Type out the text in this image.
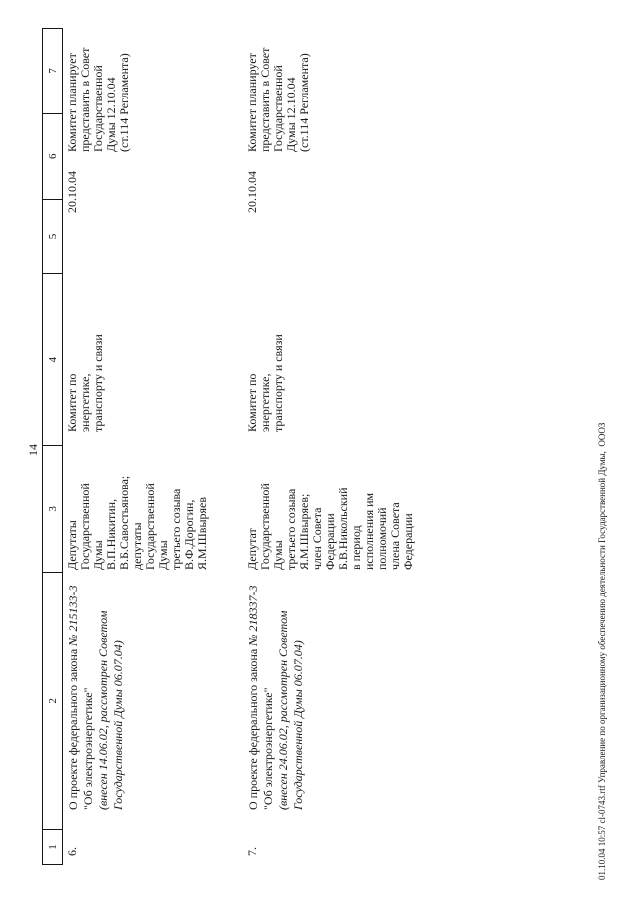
14
1
2
3
4
5
6
7
6.
О проекте федерального закона № 215133-3
"Об электроэнергетике" (внесен 14.06.02, рассмотрен Советом Государственной Думы 06.07.04)
Депутаты Государственной Думы В.П.Никитин, В.Б.Савостьянова; депутаты Государственной Думы третьего созыва В.Ф.Дорогин, Я.М.Швыряев
Комитет по энергетике, транспорту и связи
20.10.04
Комитет планирует представить в Совет Государственной Думы 12.10.04 (ст.114 Регламента)
7.
О проекте федерального закона № 218337-3
"Об электроэнергетике" (внесен 24.06.02, рассмотрен Советом Государственной Думы 06.07.04)
Депутат Государственной Думы третьего созыва Я.М.Швыряев; член Совета Федерации Б.В.Никольский в период исполнения им полномочий члена Совета Федерации
Комитет по энергетике, транспорту и связи
20.10.04
Комитет планирует представить в Совет Государственной Думы 12.10.04 (ст.114 Регламента)
01.10.04 10:57 cl-0743.rtf Управление по организационному обеспечению деятельности Государственной Думы,  ОООЗ
